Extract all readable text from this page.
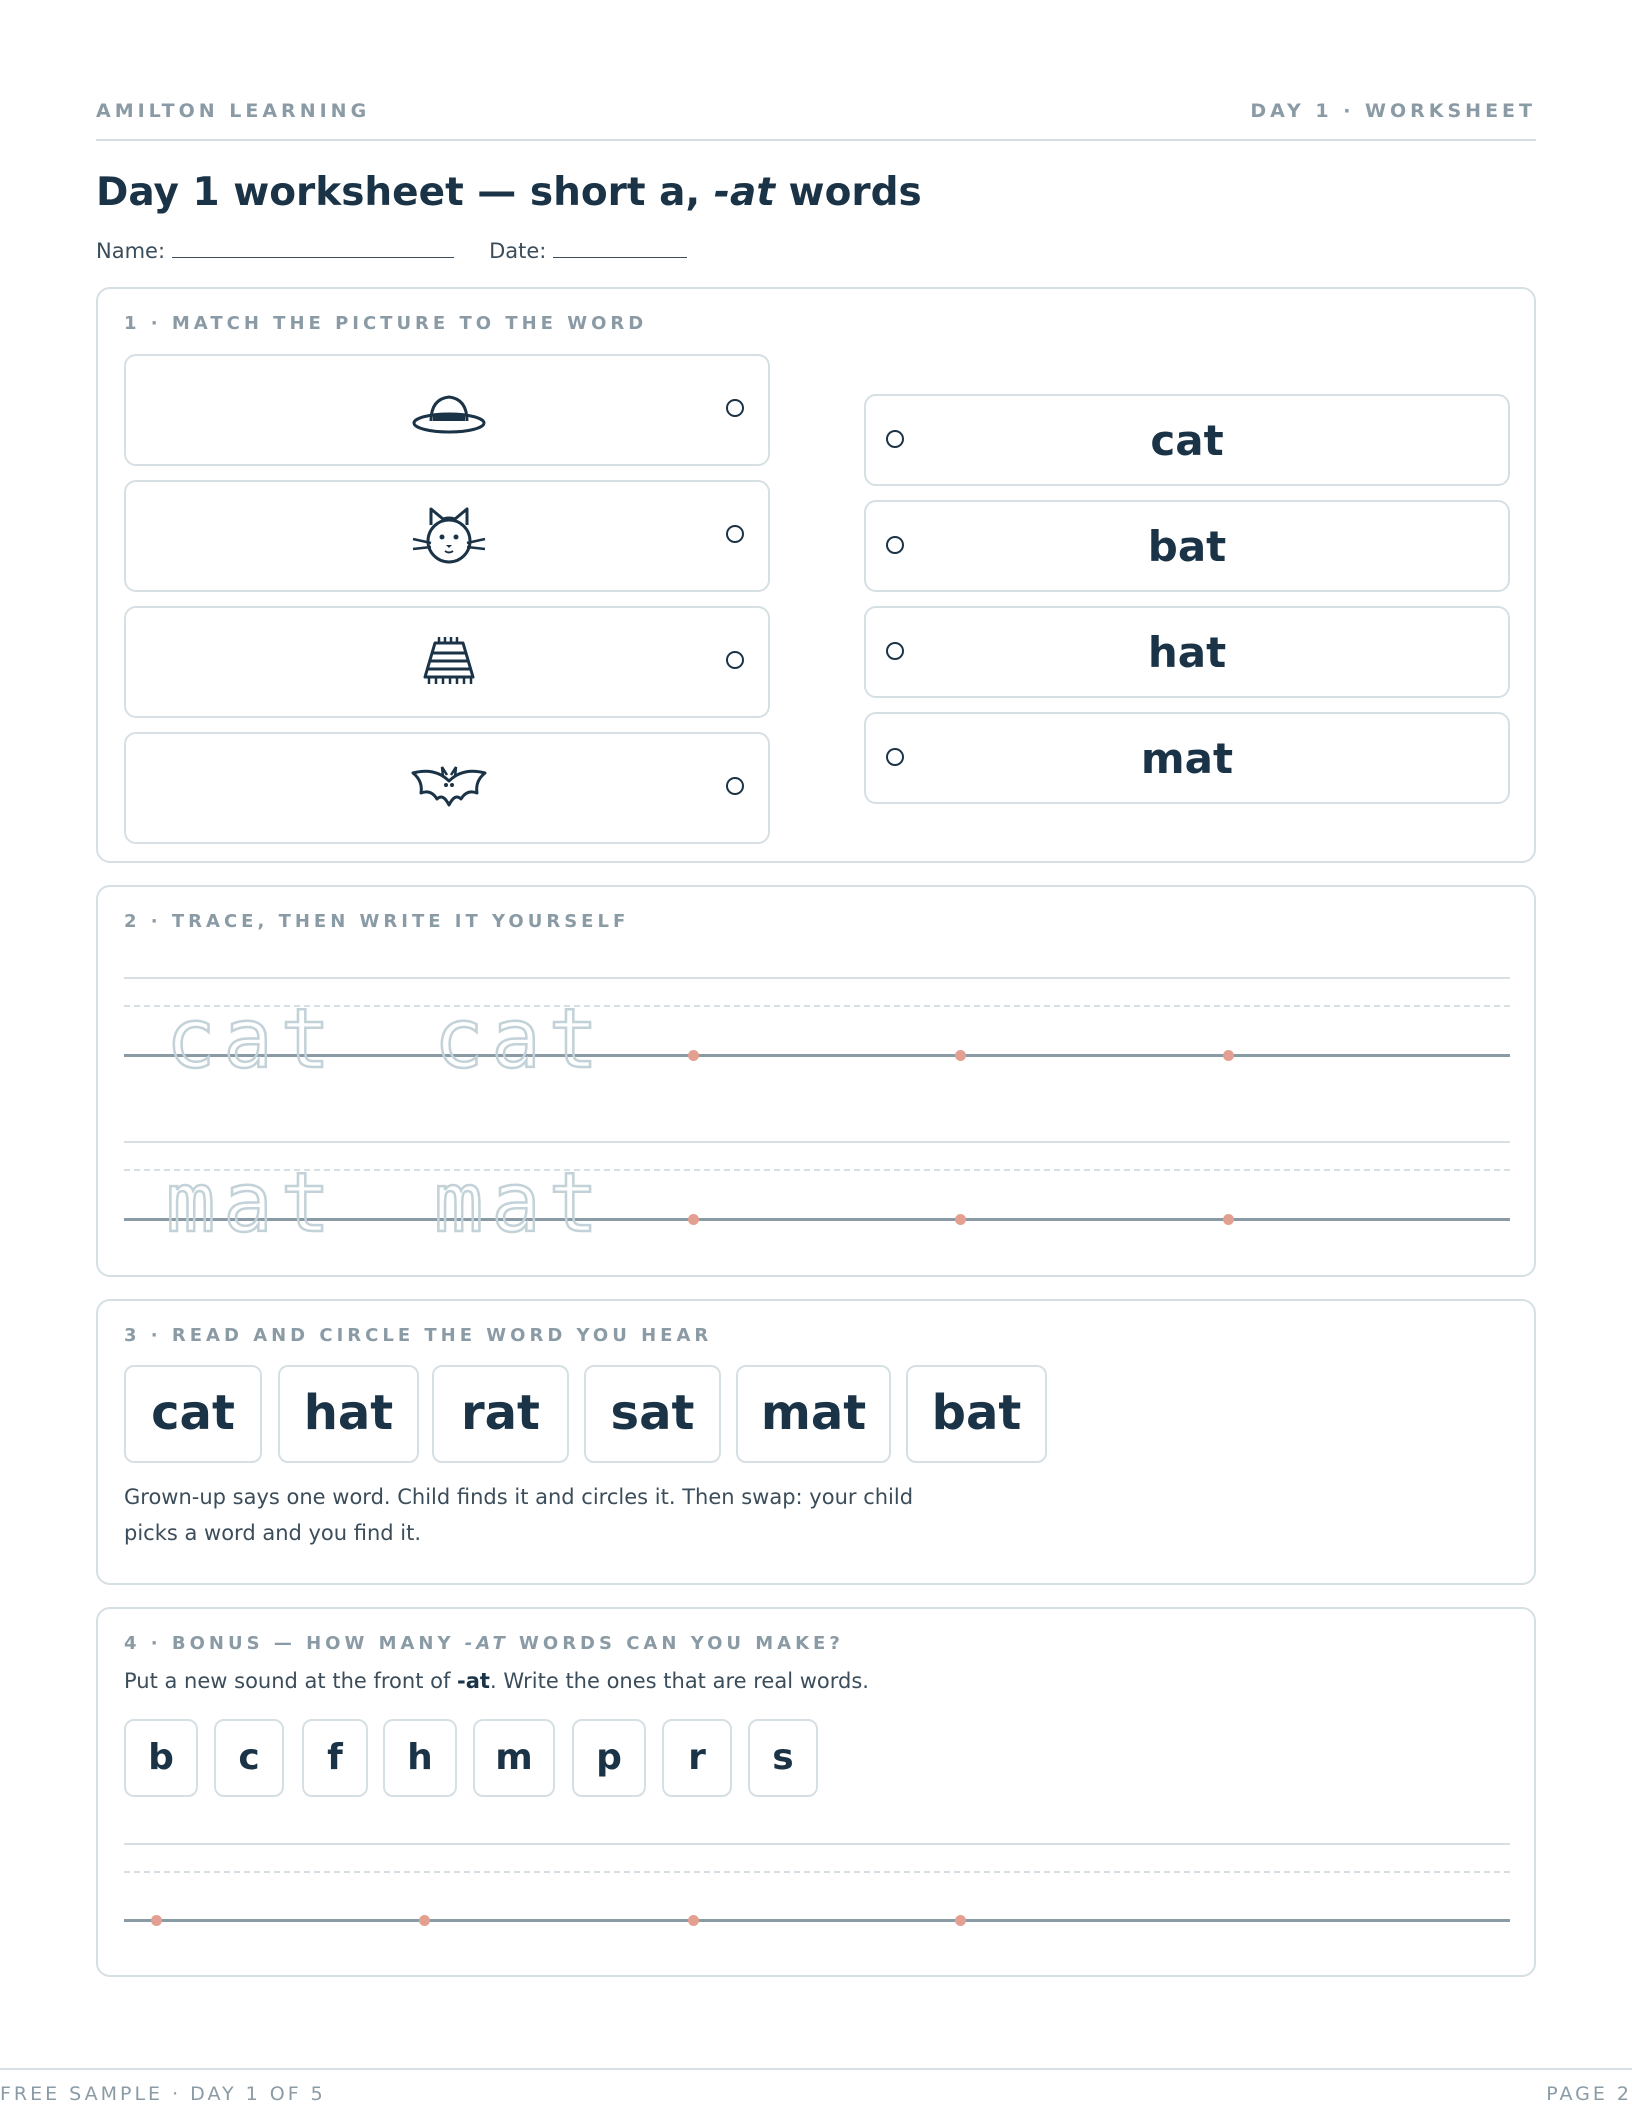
AMILTON LEARNING	DAY 1 · WORKSHEET
Day 1 worksheet — short a, -at words
Name:	Date:
1 · MATCH THE PICTURE TO THE WORD
cat
bat
hat
mat
2 · TRACE, THEN WRITE IT YOURSELF
cat cat
mat mat
3 · READ AND CIRCLE THE WORD YOU HEAR
cat	hat	rat	sat	mat	bat
Grown-up says one word. Child finds it and circles it. Then swap: your child picks a word and you find it.
4 · BONUS — HOW MANY -AT WORDS CAN YOU MAKE?
Put a new sound at the front of -at. Write the ones that are real words.
b	c	f	h	m	p	r	s
FREE SAMPLE · DAY 1 OF 5	PAGE 2
